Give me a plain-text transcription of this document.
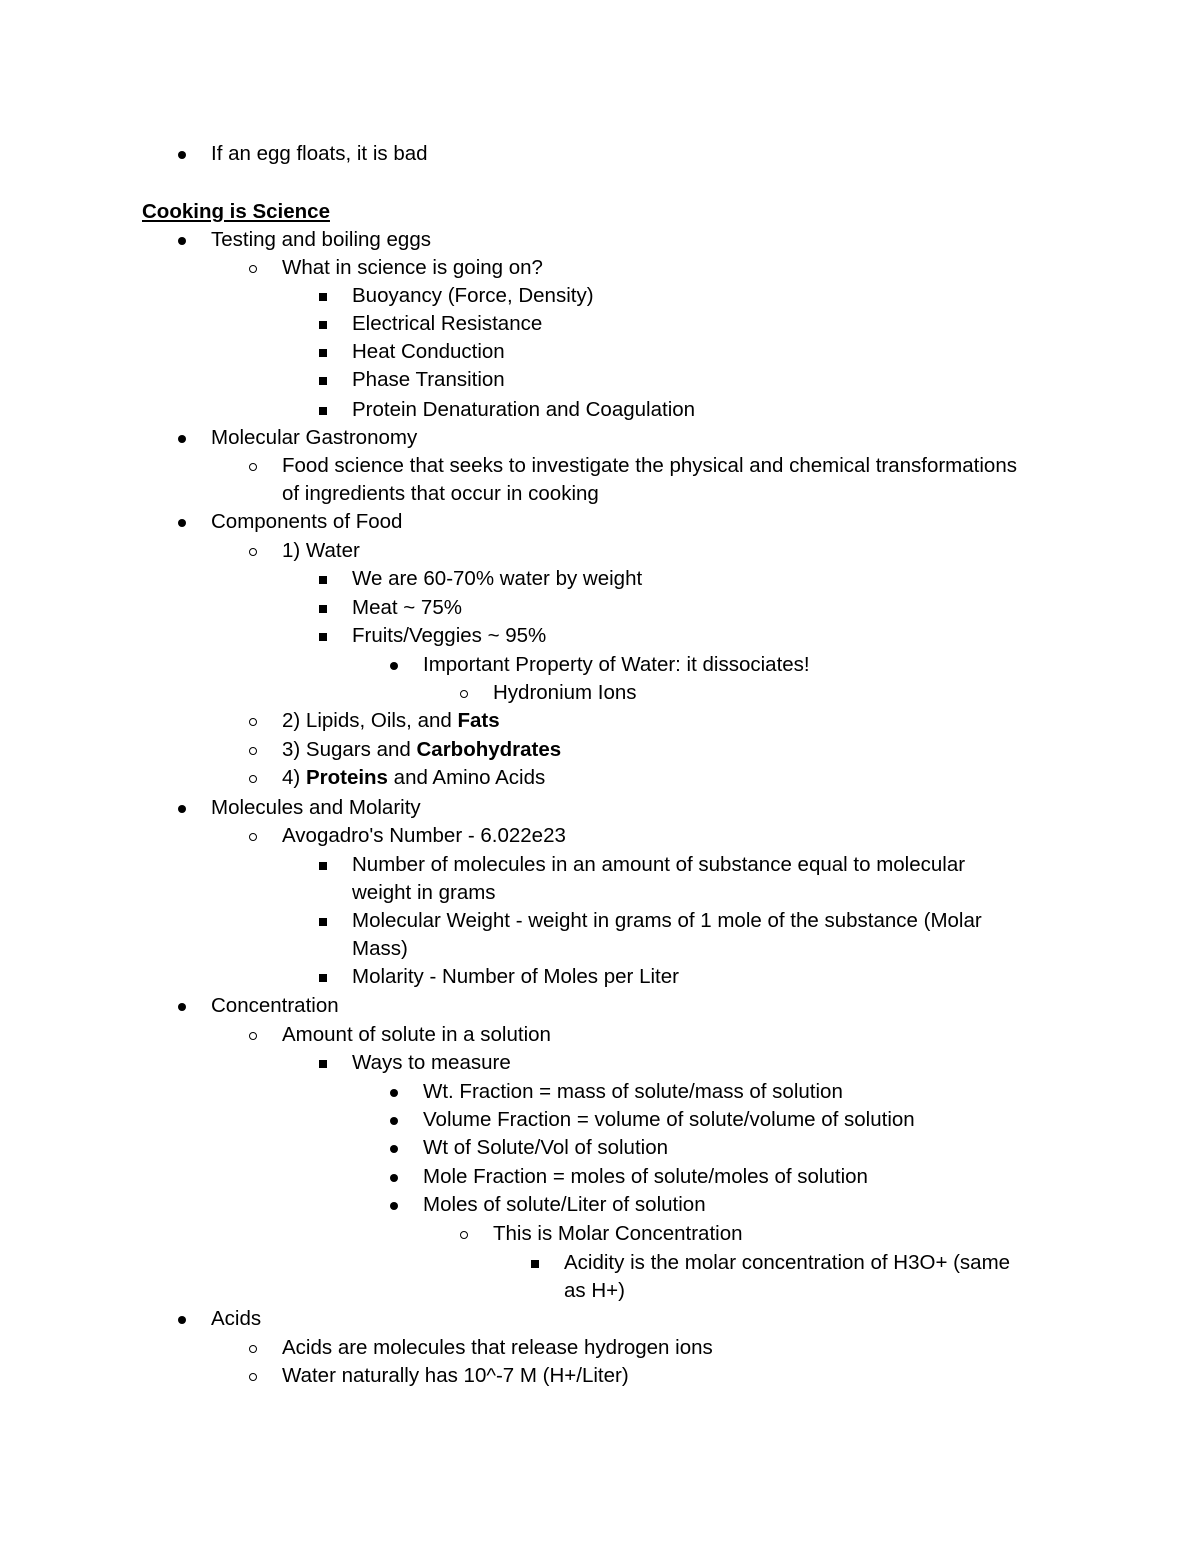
If an egg floats, it is bad
Cooking is Science
Testing and boiling eggs
What in science is going on?
Buoyancy (Force, Density)
Electrical Resistance
Heat Conduction
Phase Transition
Protein Denaturation and Coagulation
Molecular Gastronomy
Food science that seeks to investigate the physical and chemical transformations
of ingredients that occur in cooking
Components of Food
1) Water
We are 60-70% water by weight
Meat ~ 75%
Fruits/Veggies ~ 95%
Important Property of Water: it dissociates!
Hydronium Ions
2) Lipids, Oils, and Fats
3) Sugars and Carbohydrates
4) Proteins and Amino Acids
Molecules and Molarity
Avogadro's Number - 6.022e23
Number of molecules in an amount of substance equal to molecular
weight in grams
Molecular Weight - weight in grams of 1 mole of the substance (Molar
Mass)
Molarity - Number of Moles per Liter
Concentration
Amount of solute in a solution
Ways to measure
Wt. Fraction = mass of solute/mass of solution
Volume Fraction = volume of solute/volume of solution
Wt of Solute/Vol of solution
Mole Fraction = moles of solute/moles of solution
Moles of solute/Liter of solution
This is Molar Concentration
Acidity is the molar concentration of H3O+ (same
as H+)
Acids
Acids are molecules that release hydrogen ions
Water naturally has 10^-7 M (H+/Liter)
